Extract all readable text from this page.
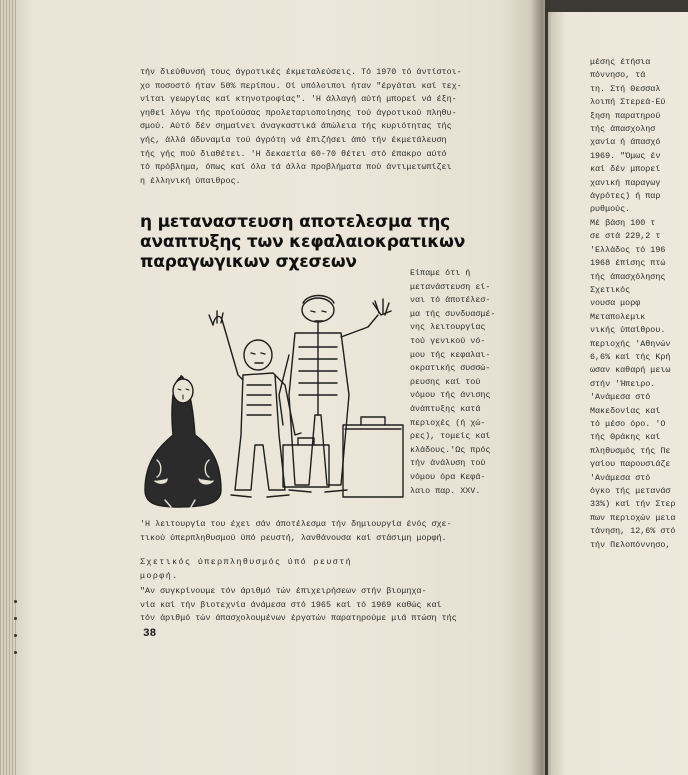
τήν διεύθυνσή τους άγροτικές έκμεταλεύσεις. Τό 1970 τό άντίστοι-
χο ποσοστό ήταν 50% περίπου. Οί υπόλοιποι ήταν "έργάται καί τεχ-
νίται γεωργίας καί κτηνοτροφίας". 'Η άλλαγή αύτή μπορεί νά έξη-
γηθεί λόγω τής προϊούσας προλεταριοποίησης τού άγροτικού πληθυ-
σμού. Αύτό δέν σημαίνει άναγκαστικά άπώλεια τής κυριότητας τής
γής, άλλά άδυναμία τού άγρότη νά έπιζήσει άπό τήν έκμετάλευση
τής γής πού διαθέτει. 'Η δεκαετία 60-70 θέτει στό έπακρο αύτό
τό πρόβλημα, όπως καί όλα τά άλλα προβλήματα πού άντιμετωπίζει
η έλληνική ύπαιθρος.
η μεταναστευση αποτελεσμα της
αναπτυξης των κεφαλαιοκρατικων
παραγωγικων σχεσεων
Είπαμε ότι ή
μετανάστευση εί-
ναι τό άποτέλεσ-
μα τής συνδυασμέ-
νης λειτουργίας
τού γενικού νό-
μου τής κεφαλαι-
οκρατικής συσσώ-
ρευσης καί τού
νόμου τής άνισης
άνάπτυξης κατά
περιοχές (ή χώ-
ρες), τομείς καί
κλάδους.'Ως πρός
τήν άνάλυση τού
νόμου όρα Κεφά-
λαιο παρ. XXV.
'Η λειτουργία του έχει σάν άποτέλεσμα τήν δημιουργία ένός σχε-
τικού ύπερπληθυσμού ύπό ρευστή, λανθάνουσα καί στάσιμη μορφή.
Σχετικός ύπερπληθυσμός ύπό ρευστή
μορφή.
"Αν συγκρίνουμε τόν άριθμό τών έπιχειρήσεων στήν βιομηχα-
νία καί τήν βιοτεχνία άνάμεσα στό 1965 καί τό 1969 καθώς καί
τόν άριθμό τών άπασχολουμένων έργατών παρατηρούμε μιά πτώση τής
38
μέσης έτήσια
πόννησο, τά
τη. Στή Θεσσαλ
λοιπή Στερεά-Εύ
ξηση παρατηρού
τής άπασχολησ
χανία ή άπασχό
1969. "Όμως έν
καί δέν μπορεί
χανική παραγωγ
άγρότες) ή παρ
ρυθμούς.
Μέ βάση 100 τ
σε στά 229,2 τ
'Ελλάδος τό 196
1968 έπίσης πτώ
τής άπασχόλησης
Σχετικός
νουσα μορφ
Μεταπολεμικ
νικής ύπαίθρου.
περιοχής 'Αθηνών
6,6% καί τής Κρή
ωσαν καθαρή μειω
στήν 'Ήπειρο.
'Ανάμεσα στό
Μακεδονίας καί
τό μέσο όρο. 'Ο
τής Θράκης καί
πληθυσμός τής Πε
γαίου παρουσιάζε
'Ανάμεσα στό
όγκο τής μετανάσ
33%) καί τήν Στερ
πων περιοχών μεια
τάνηση, 12,6% στό
τήν Πελοπόννησο,
